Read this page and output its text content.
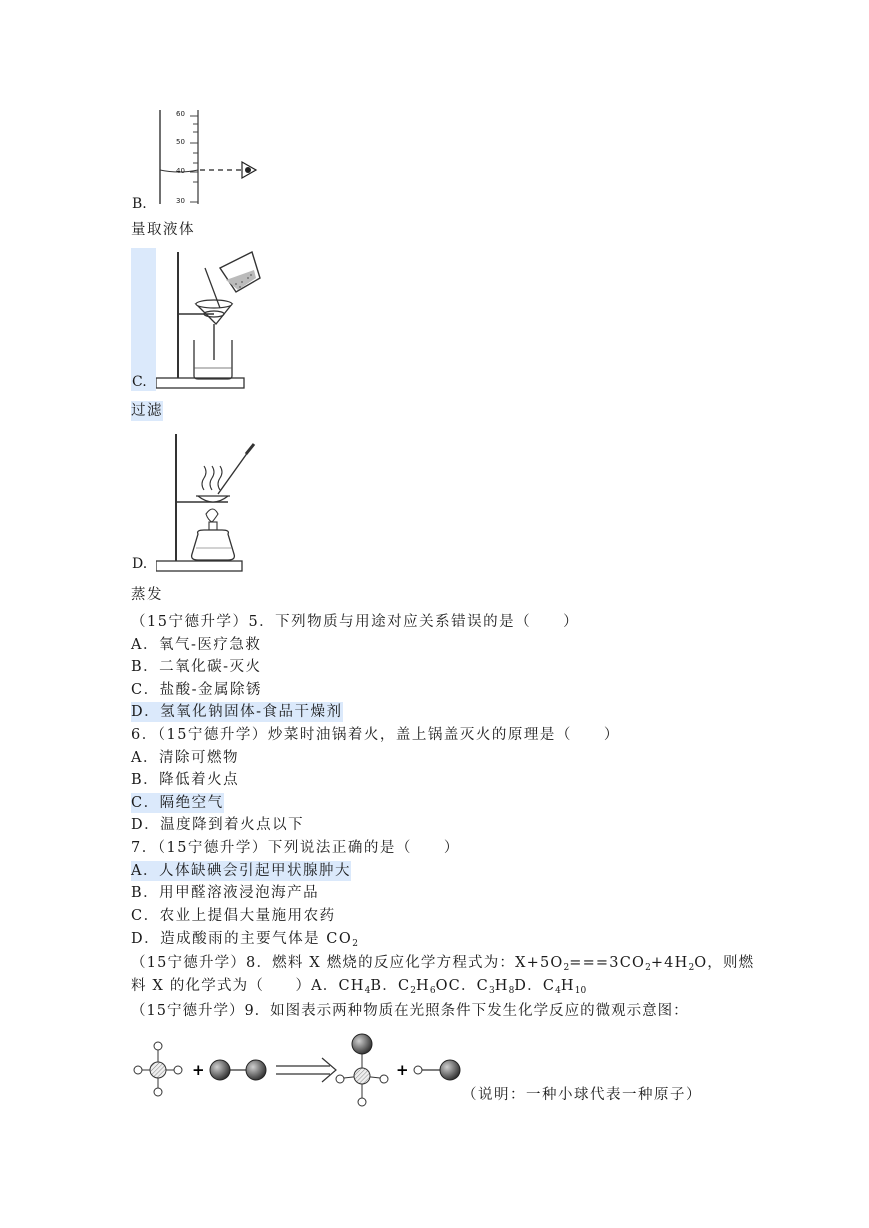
60
50
40
30
B.
量取液体
C.
过滤
D.
蒸发
（15宁德升学）5．下列物质与用途对应关系错误的是（　　）
A．氧气-医疗急救
B．二氧化碳-灭火
C．盐酸-金属除锈
D．氢氧化钠固体-食品干燥剂
6．（15宁德升学）炒菜时油锅着火，盖上锅盖灭火的原理是（　　）
A．清除可燃物
B．降低着火点
C．隔绝空气
D．温度降到着火点以下
7．（15宁德升学）下列说法正确的是（　　）
A．人体缺碘会引起甲状腺肿大
B．用甲醛溶液浸泡海产品
C．农业上提倡大量施用农药
D．造成酸雨的主要气体是 $CO_2$
（15宁德升学）8．燃料 X 燃烧的反应化学方程式为：$X+5O_2===3CO_2+4H_2O$，则燃
料 X 的化学式为（　　）A．$CH_4B$．$C_2H_6OC$．$C_3H_8D$．$C_4H_{10}$
（15宁德升学）9．如图表示两种物质在光照条件下发生化学反应的微观示意图：
+	+
（说明：一种小球代表一种原子）
